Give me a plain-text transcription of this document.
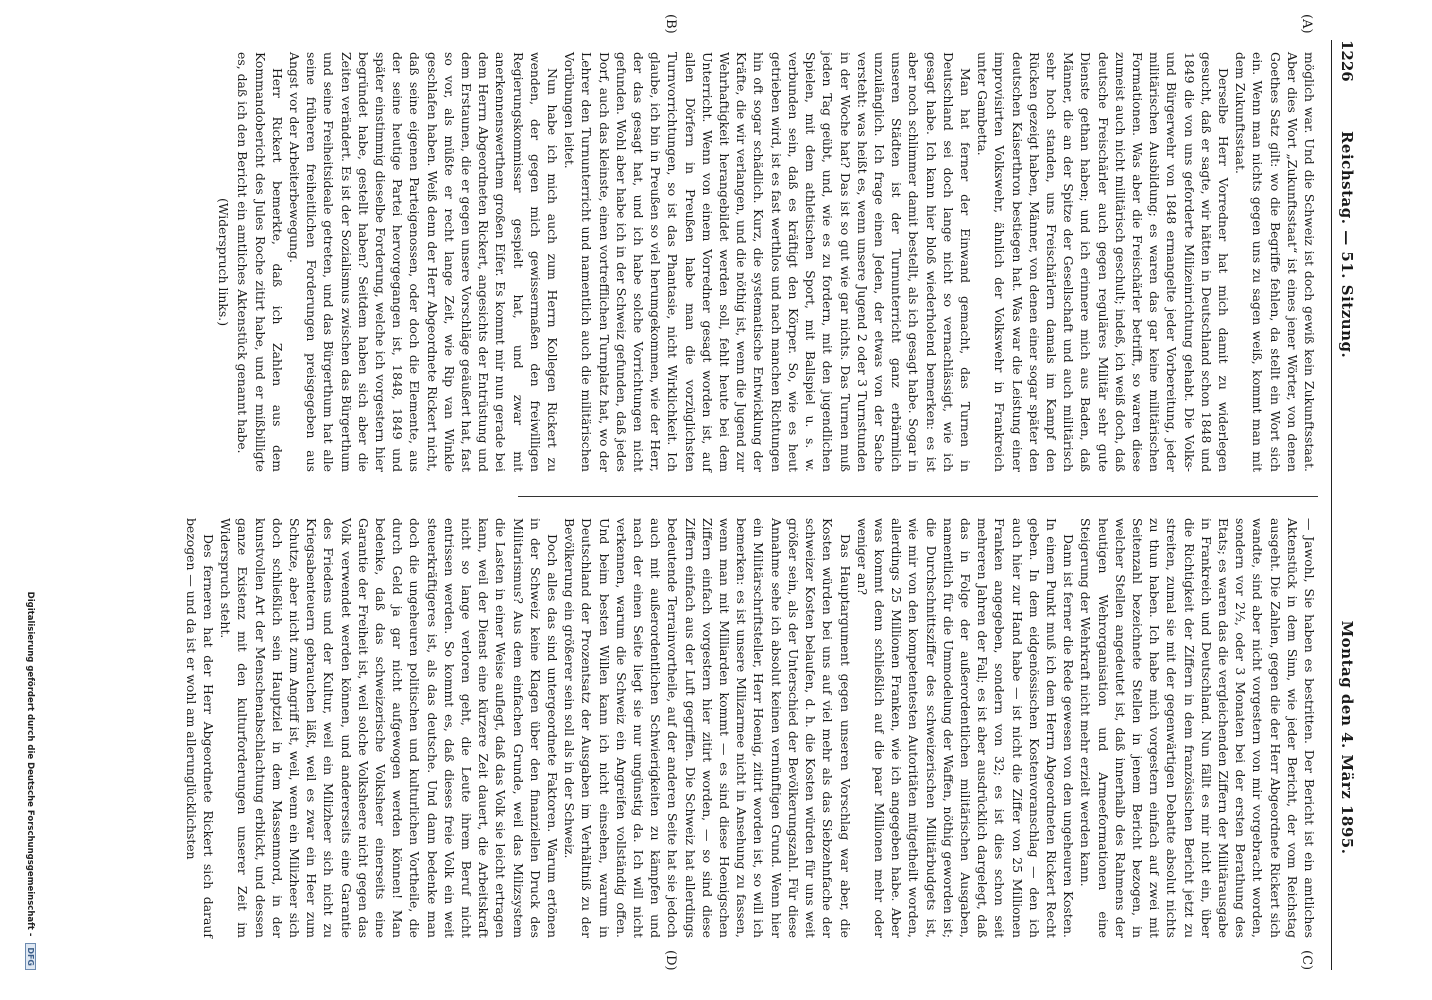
1226
Reichstag. — 51. Sitzung.
Montag den 4. März 1895.
(A)
(B)
(C)
(D)

möglich war. Und die Schweiz ist doch gewiß kein Zukunftsstaat. Aber dies Wort „Zukunftsstaat“ ist eines jener Wörter, von denen Goethes Satz gilt: wo die Begriffe fehlen, da stellt ein Wort sich ein. Wenn man nichts gegen uns zu sagen weiß, kommt man mit dem Zukunftsstaat.

Derselbe Herr Vorredner hat mich damit zu widerlegen gesucht, daß er sagte, wir hätten in Deutschland schon 1848 und 1849 die von uns geforderte Milizeinrichtung gehabt. Die Volks- und Bürgerwehr von 1848 ermangelte jeder Vorbereitung, jeder militärischen Ausbildung; es waren das gar keine militärischen Formationen. Was aber die Freischärler betrifft, so waren diese zumeist auch nicht militärisch geschult; indeß, ich weiß doch, daß deutsche Freischärler auch gegen reguläres Militär sehr gute Dienste gethan haben; und ich erinnere mich aus Baden, daß Männer, die an der Spitze der Gesellschaft und auch militärisch sehr hoch standen, uns Freischärlern damals im Kampf den Rücken gezeigt haben, Männer, von denen einer sogar später den deutschen Kaiserthron bestiegen hat. Was war die Leistung einer improvisirten Volkswehr, ähnlich der Volkswehr in Frankreich unter Gambetta.

Man hat ferner der Einwand gemacht, das Turnen in Deutschland sei doch lange nicht so vernachlässigt, wie ich gesagt habe. Ich kann hier bloß wiederholend bemerken: es ist aber noch schlimmer damit bestellt, als ich gesagt habe. Sogar in unseren Städten ist der Turnunterricht ganz erbärmlich unzulänglich. Ich frage einen Jeden, der etwas von der Sache versteht: was heißt es, wenn unsere Jugend 2 oder 3 Turnstunden in der Woche hat? Das ist so gut wie gar nichts. Das Turnen muß jeden Tag geübt, und, wie es zu fordern, mit den jugendlichen Spielen, mit dem athletischen Sport, mit Ballspiel u. s. w. verbunden sein, daß es kräftigt den Körper. So, wie es heut getrieben wird, ist es fast werthlos und nach manchen Richtungen hin oft sogar schädlich. Kurz, die systematische Entwicklung der Kräfte, die wir verlangen, und die nöthig ist, wenn die Jugend zur Wehrhaftigkeit herangebildet werden soll, fehlt heute bei dem Unterricht. Wenn von einem Vorredner gesagt worden ist, auf allen Dörfern in Preußen habe man die vorzüglichsten Turnvorrichtungen, so ist das Phantasie, nicht Wirklichkeit. Ich glaube, ich bin in Preußen so viel herumgekommen, wie der Herr, der das gesagt hat, und ich habe solche Vorrichtungen nicht gefunden. Wohl aber habe ich in der Schweiz gefunden, daß jedes Dorf, auch das kleinste, einen vortrefflichen Turnplatz hat, wo der Lehrer den Turnunterricht und namentlich auch die militärischen Vorübungen leitet.

Nun habe ich mich auch zum Herrn Kollegen Rickert zu wenden, der gegen mich gewissermaßen den freiwilligen Regierungskommissar gespielt hat, und zwar mit anerkennenswerthem großen Eifer. Es kommt mir nun gerade bei dem Herrn Abgeordneten Rickert, angesichts der Entrüstung und dem Erstaunen, die er gegen unsere Vorschläge geäußert hat, fast so vor, als müßte er recht lange Zeit, wie Rip van Winkle geschlafen haben. Weiß denn der Herr Abgeordnete Rickert nicht, daß seine eigenen Parteigenossen, oder doch die Elemente, aus der seine heutige Partei hervorgegangen ist, 1848, 1849 und später einstimmig dieselbe Forderung, welche ich vorgestern hier begründet habe, gestellt haben? Seitdem haben sich aber die Zeiten verändert. Es ist der Sozialismus zwischen das Bürgerthum und seine Freiheitsideale getreten, und das Bürgerthum hat alle seine früheren freiheitlichen Forderungen preisgegeben aus Angst vor der Arbeiterbewegung.

Herr Rickert bemerkte, daß ich Zahlen aus dem Kommandobericht des Jules Roche zitirt habe, und er mißbilligte es, daß ich den Bericht ein amtliches Aktenstück genannt habe.

(Widerspruch links.)

— Jawohl, Sie haben es bestritten. Der Bericht ist ein amtliches Aktenstück in dem Sinn, wie jeder Bericht, der vom Reichstag ausgeht. Die Zahlen, gegen die der Herr Abgeordnete Rickert sich wandte, sind aber nicht vorgestern von mir vorgebracht worden, sondern vor 2½, oder 3 Monaten bei der ersten Berathung des Etats; es waren das die vergleichenden Ziffern der Militärausgabe in Frankreich und Deutschland. Nun fällt es mir nicht ein, über die Richtigkeit der Ziffern in dem französischen Bericht jetzt zu streiten, zumal sie mit der gegenwärtigen Debatte absolut nichts zu thun haben. Ich habe mich vorgestern einfach auf zwei mit Seitenzahl bezeichnete Stellen in jenem Bericht bezogen, in welcher Stellen angedeutet ist, daß innerhalb des Rahmens der heutigen Wehrorganisation und Armeeformationen eine Steigerung der Wehrkraft nicht mehr erzielt werden kann.

Dann ist ferner die Rede gewesen von den ungeheuren Kosten. In einem Punkt muß ich dem Herrn Abgeordneten Rickert Recht geben. In dem eidgenössischen Kostenvoranschlag — den ich auch hier zur Hand habe — ist nicht die Ziffer von 25 Millionen Franken angegeben, sondern von 32; es ist dies schon seit mehreren Jahren der Fall; es ist aber ausdrücklich dargelegt, daß das in Folge der außerordentlichen militärischen Ausgaben, namentlich für die Ummodelung der Waffen, nöthig geworden ist; die Durchschnittsziffer des schweizerischen Militärbudgets ist, wie mir von den kompetentesten Autoritäten mitgetheilt worden, allerdings 25 Millionen Franken, wie ich angegeben habe. Aber was kommt denn schließlich auf die paar Millionen mehr oder weniger an?

Das Hauptargument gegen unseren Vorschlag war aber, die Kosten würden bei uns auf viel mehr als das Siebzehnfache der schweizer Kosten belaufen, d. h. die Kosten würden für uns weit größer sein, als der Unterschied der Bevölkerungszahl. Für diese Annahme sehe ich absolut keinen vernünftigen Grund. Wenn hier ein Militärschriftsteller, Herr Hoenig, zitirt worden ist, so will ich bemerken: es ist unsere Milizarmee nicht in Ansehung zu fassen, wenn man mit Milliarden kommt — es sind diese Hoenigschen Ziffern einfach vorgestern hier zitirt worden, — so sind diese Ziffern einfach aus der Luft gegriffen. Die Schweiz hat allerdings bedeutende Terrainvortheile, auf der anderen Seite hat sie jedoch auch mit außerordentlichen Schwierigkeiten zu kämpfen und nach der einen Seite liegt sie nur ungünstig da. Ich will nicht verkennen, warum die Schweiz ein Angreifen vollständig offen. Und beim besten Willen kann ich nicht einsehen, warum in Deutschland der Prozentsatz der Ausgaben im Verhältniß zu der Bevölkerung ein größerer sein soll als in der Schweiz.

Doch alles das sind untergeordnete Faktoren. Warum ertönen in der Schweiz keine Klagen über den finanziellen Druck des Militarismus? Aus dem einfachen Grunde, weil das Milizsystem die Lasten in einer Weise auflegt, daß das Volk sie leicht ertragen kann, weil der Dienst eine kürzere Zeit dauert, die Arbeitskraft nicht so lange verloren geht, die Leute ihrem Beruf nicht entrissen werden. So kommt es, daß dieses freie Volk ein weit steuerkräftigeres ist, als das deutsche. Und dann bedenke man doch die ungeheuren politischen und kulturlichen Vortheile, die durch Geld ja gar nicht aufgewogen werden können! Man bedenke, daß das schweizerische Volksheer einerseits eine Garantie der Freiheit ist, weil solche Volksheere nicht gegen das Volk verwendet werden können, und andererseits eine Garantie des Friedens und der Kultur, weil ein Milizheer sich nicht zu Kriegsabenteuern gebrauchen läßt, weil es zwar ein Heer zum Schutze, aber nicht zum Angriff ist, weil, wenn ein Milizheer sich doch schließlich sein Hauptziel in dem Massenmord, in der kunstvollen Art der Menschenabschlachtung erblickt, und dessen ganze Existenz mit den kulturforderungen unserer Zeit im Widerspruch steht.

Des ferneren hat der Herr Abgeordnete Rickert sich darauf bezogen — und da ist er wohl am allerunglücklichsten

Digitalisierung gefördert durch die Deutsche Forschungsgemeinschaft - DFG
